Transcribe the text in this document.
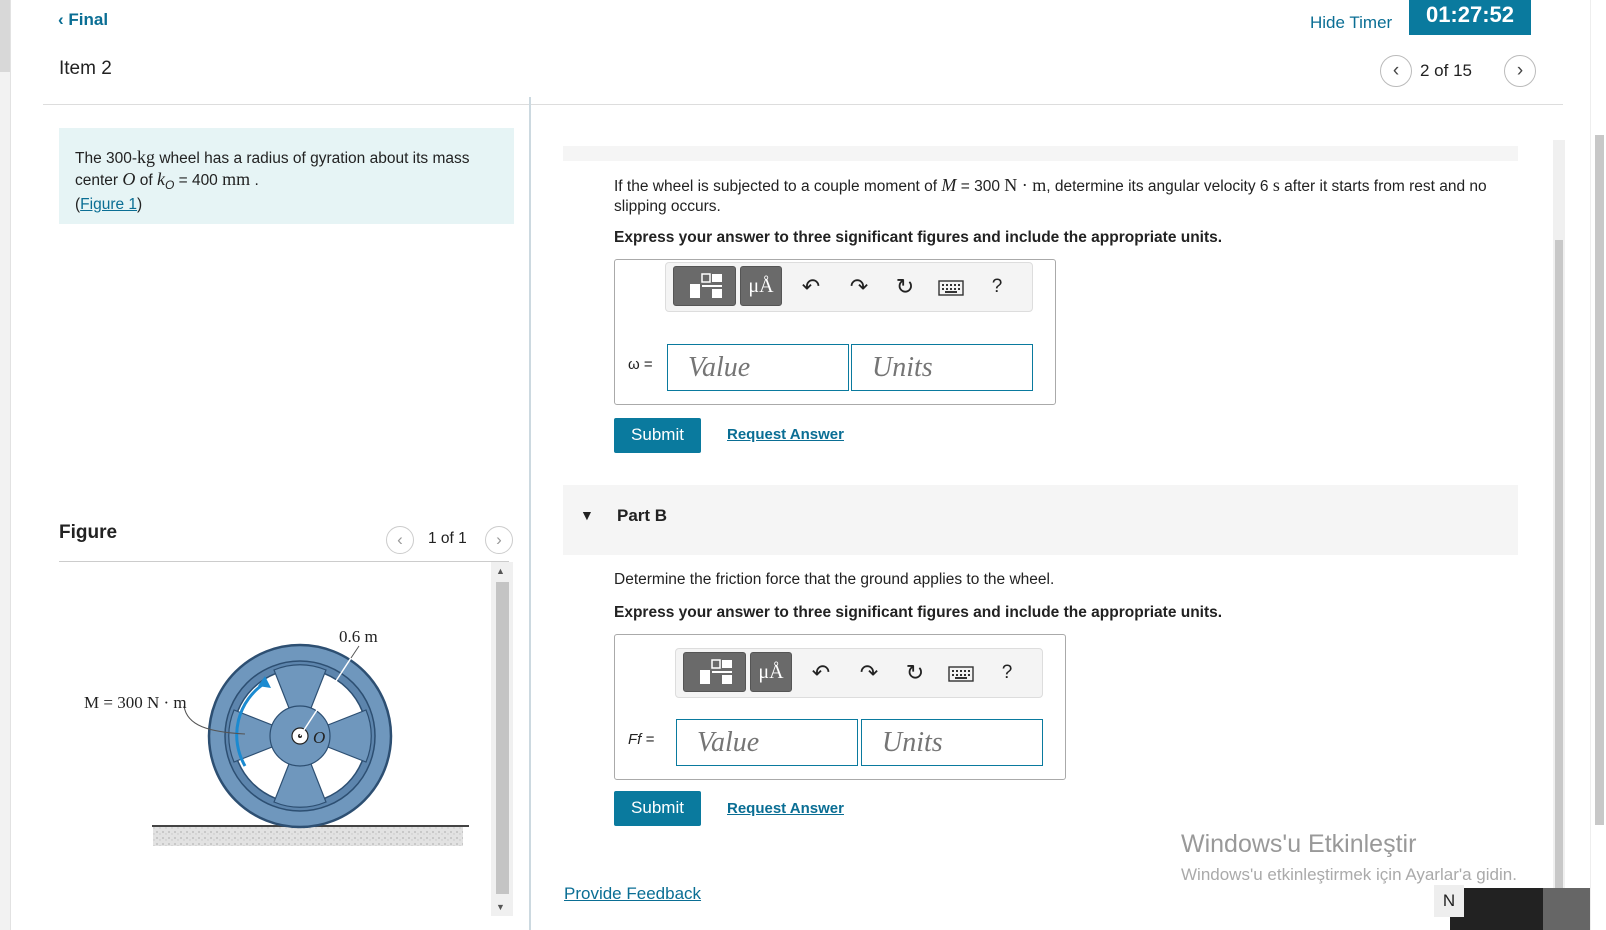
‹ Final
Item 2
Hide Timer	01:27:52
‹	2 of 15	›
The 300-kg wheel has a radius of gyration about its mass center O of $k_O = 400$ mm .
(Figure 1)
Figure	‹	1 of 1	›
0.6 m
M = 300 N · m
O
▲
▼
If the wheel is subjected to a couple moment of M = 300 N · m, determine its angular velocity 6 s after it starts from rest and no slipping occurs.
Express your answer to three significant figures and include the appropriate units.
μÅ	↶	↷	↻	?
ω =
Value
Units
Submit	Request Answer
▼ Part B
Determine the friction force that the ground applies to the wheel.
Express your answer to three significant figures and include the appropriate units.
μÅ	↶	↷	↻	?
Ff =
Value
Units
Submit	Request Answer
Provide Feedback
Windows'u Etkinleştir
Windows'u etkinleştirmek için Ayarlar'a gidin.
N
